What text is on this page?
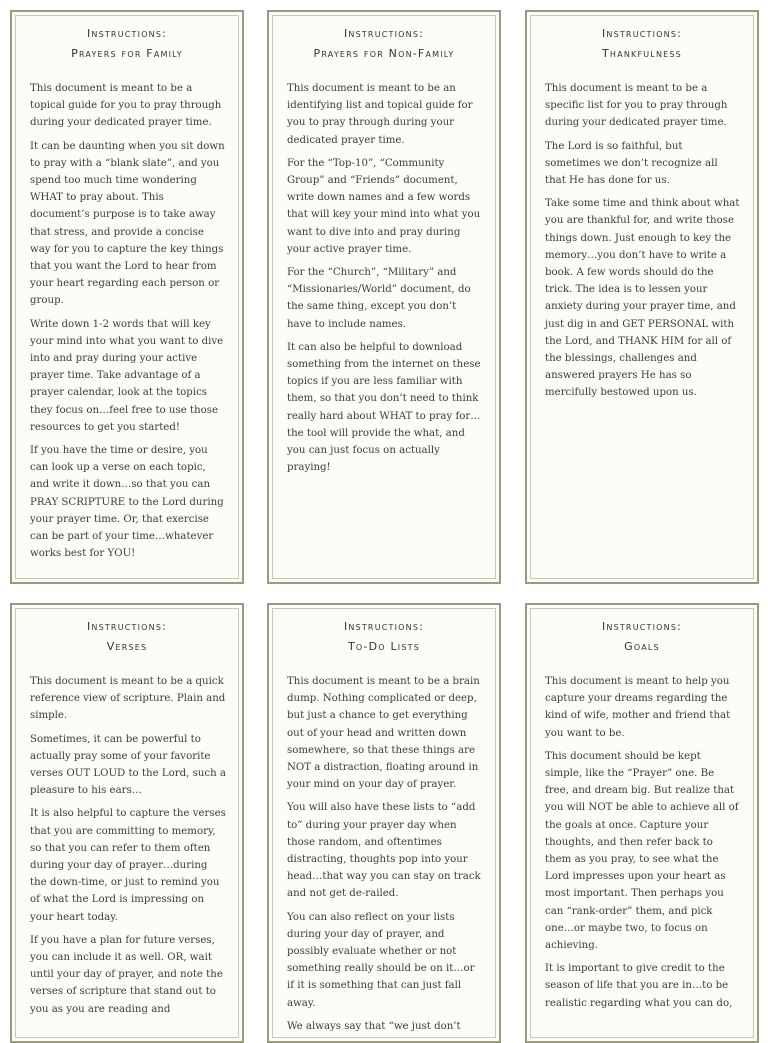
Instructions:
Prayers for Family

This document is meant to be a topical guide for you to pray through during your dedicated prayer time.

It can be daunting when you sit down to pray with a “blank slate”, and you spend too much time wondering WHAT to pray about. This document’s purpose is to take away that stress, and provide a concise way for you to capture the key things that you want the Lord to hear from your heart regarding each person or group.

Write down 1-2 words that will key your mind into what you want to dive into and pray during your active prayer time. Take advantage of a prayer calendar, look at the topics they focus on…feel free to use those resources to get you started!

If you have the time or desire, you can look up a verse on each topic, and write it down…so that you can PRAY SCRIPTURE to the Lord during your prayer time. Or, that exercise can be part of your time…whatever works best for YOU!

Instructions:
Prayers for Non-Family

This document is meant to be an identifying list and topical guide for you to pray through during your dedicated prayer time.

For the “Top-10”, “Community Group” and “Friends” document, write down names and a few words that will key your mind into what you want to dive into and pray during your active prayer time.

For the “Church”, “Military” and “Missionaries/World” document, do the same thing, except you don’t have to include names.

It can also be helpful to download something from the internet on these topics if you are less familiar with them, so that you don’t need to think really hard about WHAT to pray for…the tool will provide the what, and you can just focus on actually praying!

Instructions:
Thankfulness

This document is meant to be a specific list for you to pray through during your dedicated prayer time.

The Lord is so faithful, but sometimes we don’t recognize all that He has done for us.

Take some time and think about what you are thankful for, and write those things down. Just enough to key the memory…you don’t have to write a book. A few words should do the trick. The idea is to lessen your anxiety during your prayer time, and just dig in and GET PERSONAL with the Lord, and THANK HIM for all of the blessings, challenges and answered prayers He has so mercifully bestowed upon us.

Instructions:
Verses

This document is meant to be a quick reference view of scripture. Plain and simple.

Sometimes, it can be powerful to actually pray some of your favorite verses OUT LOUD to the Lord, such a pleasure to his ears…

It is also helpful to capture the verses that you are committing to memory, so that you can refer to them often during your day of prayer…during the down-time, or just to remind you of what the Lord is impressing on your heart today.

If you have a plan for future verses, you can include it as well. OR, wait until your day of prayer, and note the verses of scripture that stand out to you as you are reading and

Instructions:
To-Do Lists

This document is meant to be a brain dump. Nothing complicated or deep, but just a chance to get everything out of your head and written down somewhere, so that these things are NOT a distraction, floating around in your mind on your day of prayer.

You will also have these lists to “add to” during your prayer day when those random, and oftentimes distracting, thoughts pop into your head…that way you can stay on track and not get de-railed.

You can also reflect on your lists during your day of prayer, and possibly evaluate whether or not something really should be on it…or if it is something that can just fall away.

We always say that “we just don’t

Instructions:
Goals

This document is meant to help you capture your dreams regarding the kind of wife, mother and friend that you want to be.

This document should be kept simple, like the “Prayer” one. Be free, and dream big. But realize that you will NOT be able to achieve all of the goals at once. Capture your thoughts, and then refer back to them as you pray, to see what the Lord impresses upon your heart as most important. Then perhaps you can “rank-order” them, and pick one…or maybe two, to focus on achieving.

It is important to give credit to the season of life that you are in…to be realistic regarding what you can do,
